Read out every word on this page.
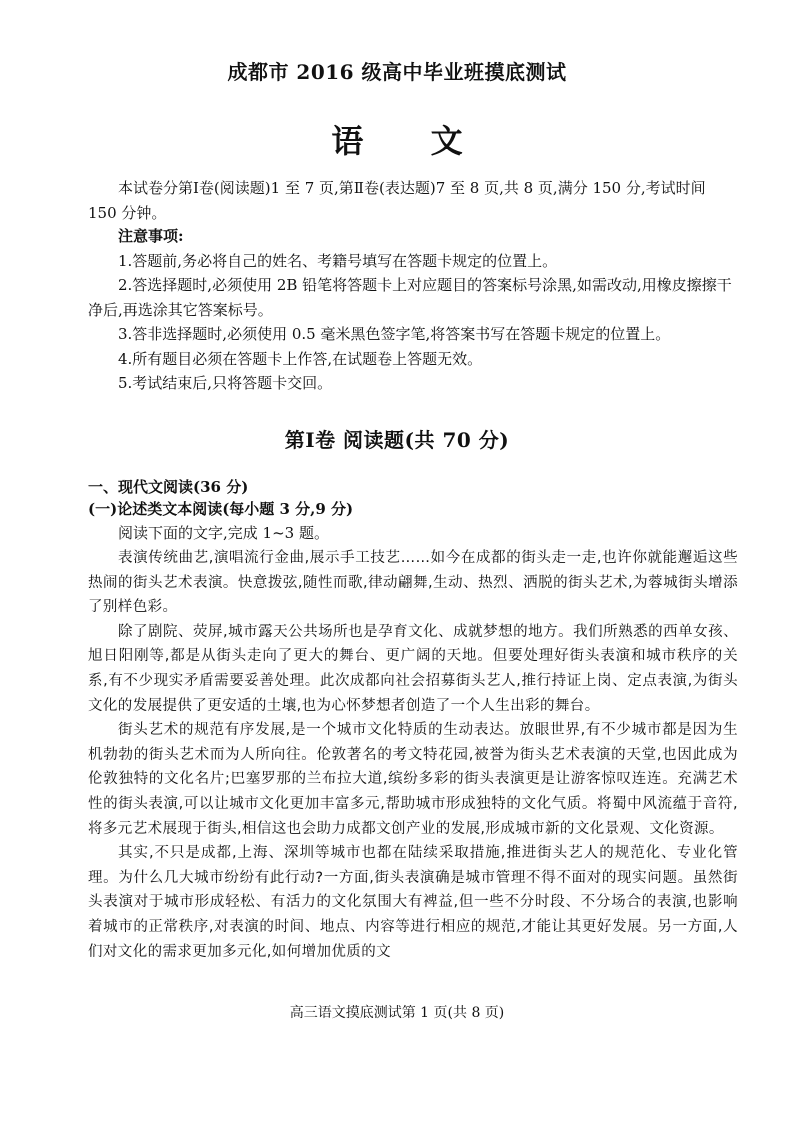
成都市 2016 级高中毕业班摸底测试
语 文
本试卷分第Ⅰ卷(阅读题)1 至 7 页,第Ⅱ卷(表达题)7 至 8 页,共 8 页,满分 150 分,考试时间 150 分钟。
注意事项:
1.答题前,务必将自己的姓名、考籍号填写在答题卡规定的位置上。
2.答选择题时,必须使用 2B 铅笔将答题卡上对应题目的答案标号涂黑,如需改动,用橡皮擦擦干净后,再选涂其它答案标号。
3.答非选择题时,必须使用 0.5 毫米黑色签字笔,将答案书写在答题卡规定的位置上。
4.所有题目必须在答题卡上作答,在试题卷上答题无效。
5.考试结束后,只将答题卡交回。
第Ⅰ卷 阅读题(共 70 分)
一、现代文阅读(36 分)
(一)论述类文本阅读(每小题 3 分,9 分)
阅读下面的文字,完成 1~3 题。

表演传统曲艺,演唱流行金曲,展示手工技艺……如今在成都的街头走一走,也许你就能邂逅这些热闹的街头艺术表演。快意拨弦,随性而歌,律动翩舞,生动、热烈、洒脱的街头艺术,为蓉城街头增添了别样色彩。

除了剧院、荧屏,城市露天公共场所也是孕育文化、成就梦想的地方。我们所熟悉的西单女孩、旭日阳刚等,都是从街头走向了更大的舞台、更广阔的天地。但要处理好街头表演和城市秩序的关系,有不少现实矛盾需要妥善处理。此次成都向社会招募街头艺人,推行持证上岗、定点表演,为街头文化的发展提供了更安适的土壤,也为心怀梦想者创造了一个人生出彩的舞台。

街头艺术的规范有序发展,是一个城市文化特质的生动表达。放眼世界,有不少城市都是因为生机勃勃的街头艺术而为人所向往。伦敦著名的考文特花园,被誉为街头艺术表演的天堂,也因此成为伦敦独特的文化名片;巴塞罗那的兰布拉大道,缤纷多彩的街头表演更是让游客惊叹连连。充满艺术性的街头表演,可以让城市文化更加丰富多元,帮助城市形成独特的文化气质。将蜀中风流蕴于音符,将多元艺术展现于街头,相信这也会助力成都文创产业的发展,形成城市新的文化景观、文化资源。

其实,不只是成都,上海、深圳等城市也都在陆续采取措施,推进街头艺人的规范化、专业化管理。为什么几大城市纷纷有此行动?一方面,街头表演确是城市管理不得不面对的现实问题。虽然街头表演对于城市形成轻松、有活力的文化氛围大有裨益,但一些不分时段、不分场合的表演,也影响着城市的正常秩序,对表演的时间、地点、内容等进行相应的规范,才能让其更好发展。另一方面,人们对文化的需求更加多元化,如何增加优质的文

高三语文摸底测试第 1 页(共 8 页)
